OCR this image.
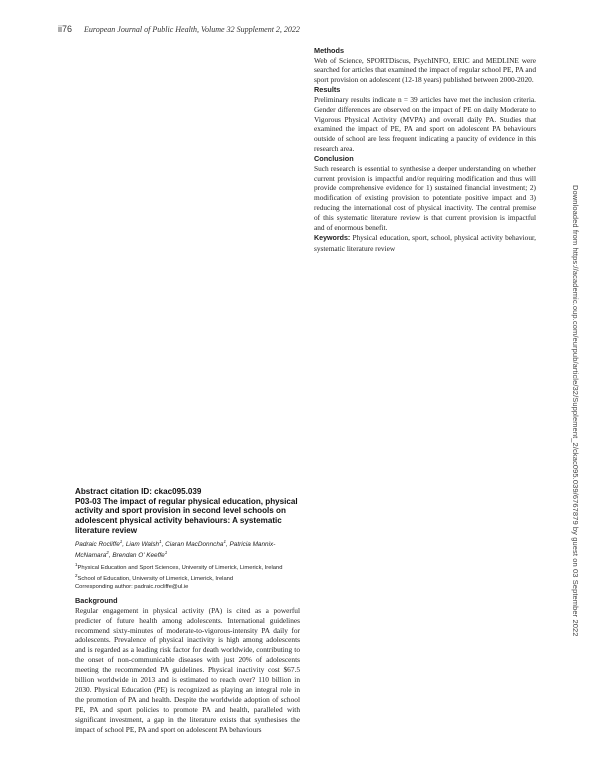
ii76 European Journal of Public Health, Volume 32 Supplement 2, 2022
Methods

Web of Science, SPORTDiscus, PsychINFO, ERIC and MEDLINE were searched for articles that examined the impact of regular school PE, PA and sport provision on adolescent (12-18 years) published between 2000-2020.

Results

Preliminary results indicate n = 39 articles have met the inclusion criteria. Gender differences are observed on the impact of PE on daily Moderate to Vigorous Physical Activity (MVPA) and overall daily PA. Studies that examined the impact of PE, PA and sport on adolescent PA behaviours outside of school are less frequent indicating a paucity of evidence in this research area.

Conclusion

Such research is essential to synthesise a deeper understanding on whether current provision is impactful and/or requiring modification and thus will provide comprehensive evidence for 1) sustained financial investment; 2) modification of existing provision to potentiate positive impact and 3) reducing the international cost of physical inactivity. The central premise of this systematic literature review is that current provision is impactful and of enormous benefit.

Keywords: Physical education, sport, school, physical activity behaviour, systematic literature review

Abstract citation ID: ckac095.039
P03-03 The impact of regular physical education, physical activity and sport provision in second level schools on adolescent physical activity behaviours: A systematic literature review
Padraic Rocliffe$^1$, Liam Walsh$^1$, Ciaran MacDonncha$^1$, Patricia Mannix-McNamara$^2$, Brendan O' Keeffe$^1$
$^1$Physical Education and Sport Sciences, University of Limerick, Limerick, Ireland
$^2$School of Education, University of Limerick, Limerick, Ireland
Corresponding author: padraic.rocliffe@ul.ie
Background

Regular engagement in physical activity (PA) is cited as a powerful predicter of future health among adolescents. International guidelines recommend sixty-minutes of moderate-to-vigorous-intensity PA daily for adolescents. Prevalence of physical inactivity is high among adolescents and is regarded as a leading risk factor for death worldwide, contributing to the onset of non-communicable diseases with just 20% of adolescents meeting the recommended PA guidelines. Physical inactivity cost $67.5 billion worldwide in 2013 and is estimated to reach over? 110 billion in 2030. Physical Education (PE) is recognized as playing an integral role in the promotion of PA and health. Despite the worldwide adoption of school PE, PA and sport policies to promote PA and health, paralleled with significant investment, a gap in the literature exists that synthesises the impact of school PE, PA and sport on adolescent PA behaviours

Downloaded from https://academic.oup.com/eurpub/article/32/Supplement_2/ckac095.039/6767879 by guest on 03 September 2022
